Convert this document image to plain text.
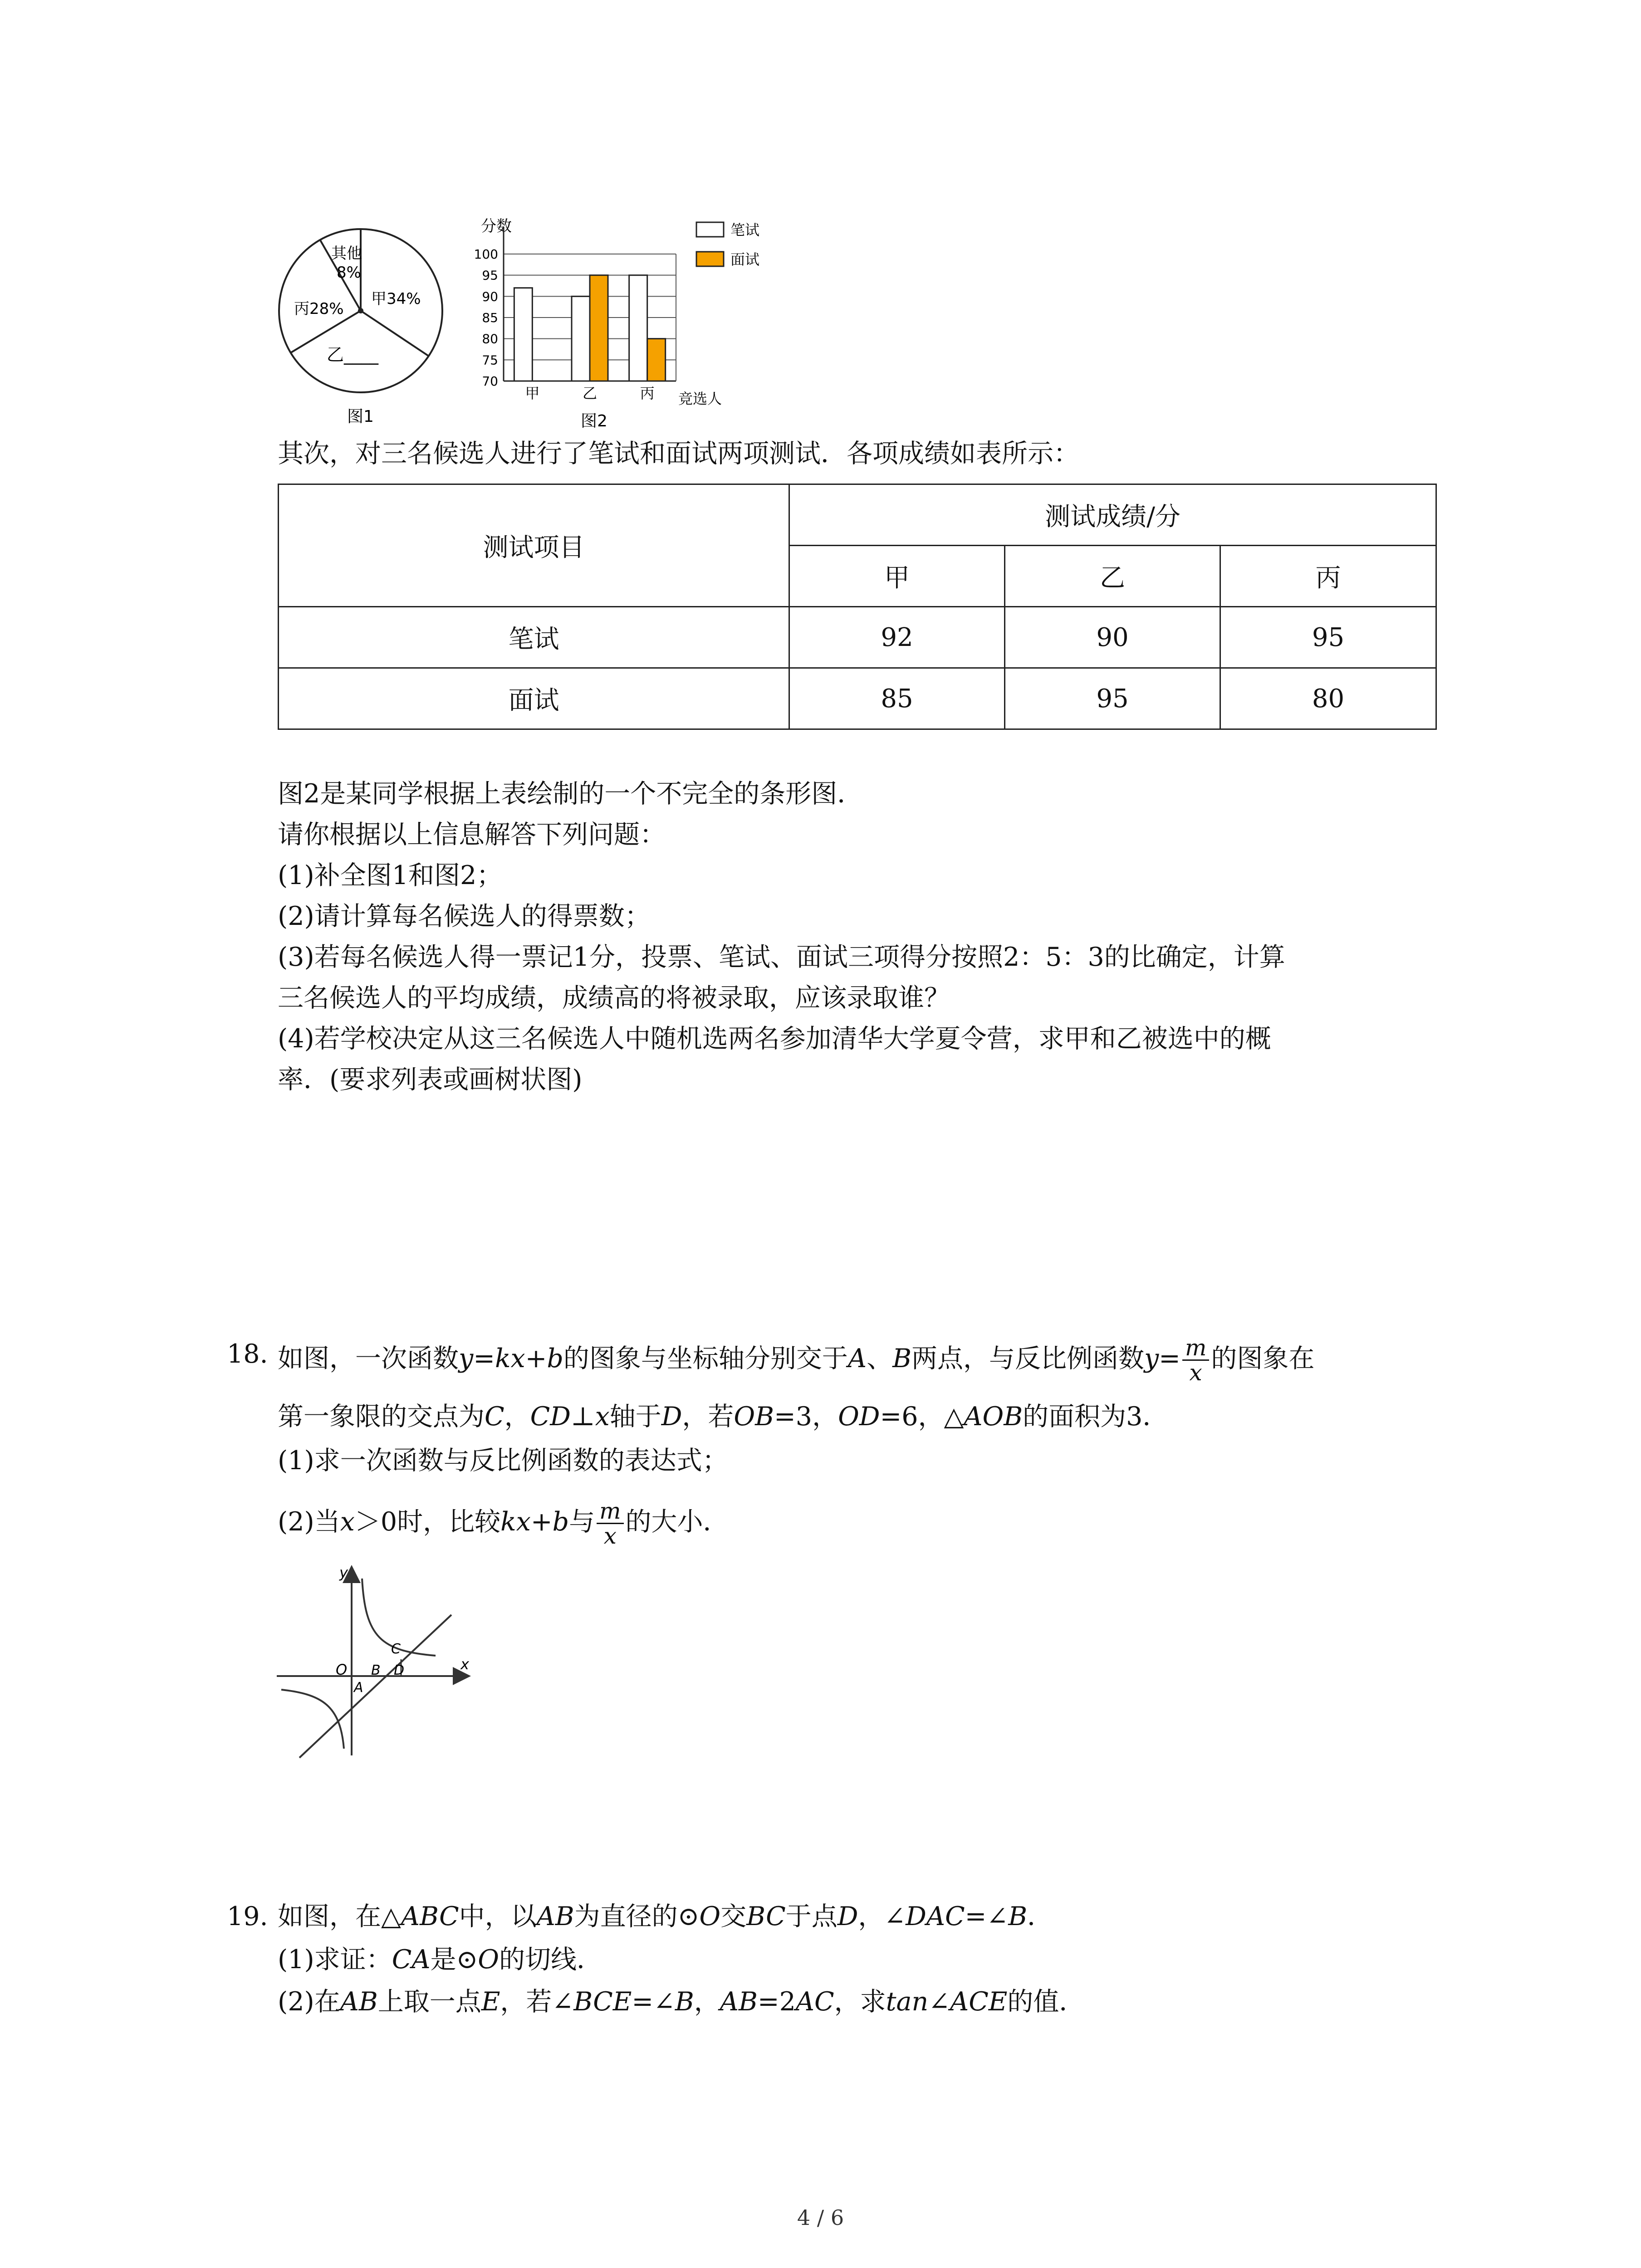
其他
8%
甲34%
丙28%
乙____
图1
分数
70
75
80
85
90
95
100
甲	乙	丙
笔试
面试
竞选人
图2
其次，对三名候选人进行了笔试和面试两项测试．各项成绩如表所示：
测试项目	测试成绩/分		
	甲	乙	丙
笔试	92	90	95
面试	85	95	80
图2是某同学根据上表绘制的一个不完全的条形图．
请你根据以上信息解答下列问题：
(1)补全图1和图2；
(2)请计算每名候选人的得票数；
(3)若每名候选人得一票记1分，投票、笔试、面试三项得分按照2：5：3的比确定，计算
三名候选人的平均成绩，成绩高的将被录取，应该录取谁？
(4)若学校决定从这三名候选人中随机选两名参加清华大学夏令营，求甲和乙被选中的概
率．(要求列表或画树状图)
18. 如图，一次函数y=kx+b的图象与坐标轴分别交于A、B两点，与反比例函数$y= \frac{m}{x}$ 的图象在
第一象限的交点为C，CD⊥x轴于D，若OB=3，OD=6，△AOB的面积为3．
(1)求一次函数与反比例函数的表达式；
(2)当x＞0时，比较kx+b与 $\frac{m}{x}$ 的大小．
y
x
O
A
B D
C
19. 如图，在△ABC中，以AB为直径的⊙O交BC于点D，∠DAC=∠B．
(1)求证：CA是⊙O的切线．
(2)在AB上取一点E，若∠BCE=∠B，AB=2AC，求tan∠ACE的值．
4 / 6
